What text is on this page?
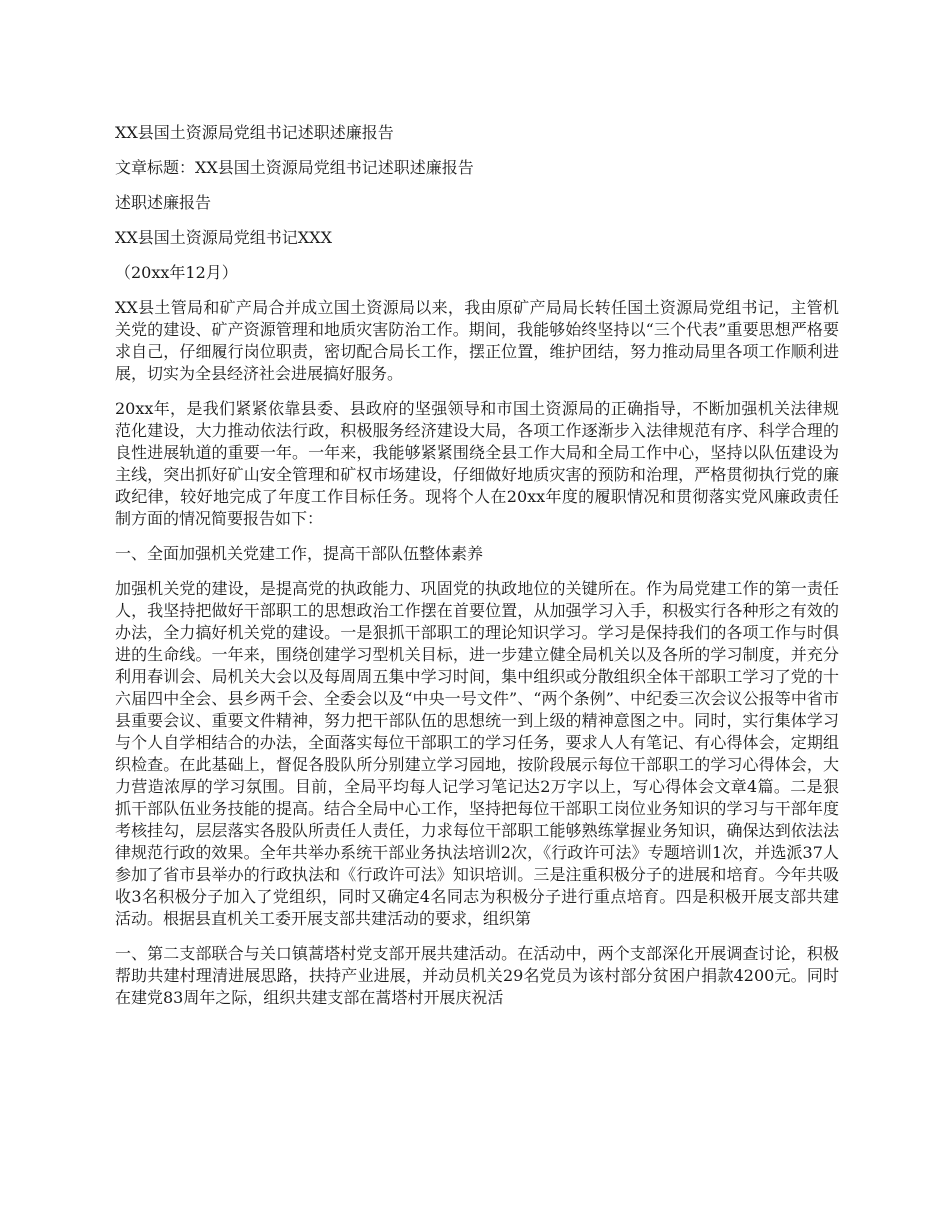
XX县国土资源局党组书记述职述廉报告

文章标题：XX县国土资源局党组书记述职述廉报告

述职述廉报告

XX县国土资源局党组书记XXX

（20xx年12月）

XX县土管局和矿产局合并成立国土资源局以来，我由原矿产局局长转任国土资源局党组书记，主管机关党的建设、矿产资源管理和地质灾害防治工作。期间，我能够始终坚持以“三个代表”重要思想严格要求自己，仔细履行岗位职责，密切配合局长工作，摆正位置，维护团结，努力推动局里各项工作顺利进展，切实为全县经济社会进展搞好服务。

20xx年，是我们紧紧依靠县委、县政府的坚强领导和市国土资源局的正确指导，不断加强机关法律规范化建设，大力推动依法行政，积极服务经济建设大局，各项工作逐渐步入法律规范有序、科学合理的良性进展轨道的重要一年。一年来，我能够紧紧围绕全县工作大局和全局工作中心，坚持以队伍建设为主线，突出抓好矿山安全管理和矿权市场建设，仔细做好地质灾害的预防和治理，严格贯彻执行党的廉政纪律，较好地完成了年度工作目标任务。现将个人在20xx年度的履职情况和贯彻落实党风廉政责任制方面的情况简要报告如下：

一、全面加强机关党建工作，提高干部队伍整体素养

加强机关党的建设，是提高党的执政能力、巩固党的执政地位的关键所在。作为局党建工作的第一责任人，我坚持把做好干部职工的思想政治工作摆在首要位置，从加强学习入手，积极实行各种形之有效的办法，全力搞好机关党的建设。一是狠抓干部职工的理论知识学习。学习是保持我们的各项工作与时俱进的生命线。一年来，围绕创建学习型机关目标，进一步建立健全局机关以及各所的学习制度，并充分利用春训会、局机关大会以及每周周五集中学习时间，集中组织或分散组织全体干部职工学习了党的十六届四中全会、县乡两千会、全委会以及“中央一号文件”、“两个条例”、中纪委三次会议公报等中省市县重要会议、重要文件精神，努力把干部队伍的思想统一到上级的精神意图之中。同时，实行集体学习与个人自学相结合的办法，全面落实每位干部职工的学习任务，要求人人有笔记、有心得体会，定期组织检查。在此基础上，督促各股队所分别建立学习园地，按阶段展示每位干部职工的学习心得体会，大力营造浓厚的学习氛围。目前，全局平均每人记学习笔记达2万字以上，写心得体会文章4篇。二是狠抓干部队伍业务技能的提高。结合全局中心工作，坚持把每位干部职工岗位业务知识的学习与干部年度考核挂勾，层层落实各股队所责任人责任，力求每位干部职工能够熟练掌握业务知识，确保达到依法法律规范行政的效果。全年共举办系统干部业务执法培训2次，《行政许可法》专题培训1次，并选派37人参加了省市县举办的行政执法和《行政许可法》知识培训。三是注重积极分子的进展和培育。今年共吸收3名积极分子加入了党组织，同时又确定4名同志为积极分子进行重点培育。四是积极开展支部共建活动。根据县直机关工委开展支部共建活动的要求，组织第

一、第二支部联合与关口镇蒿塔村党支部开展共建活动。在活动中，两个支部深化开展调查讨论，积极帮助共建村理清进展思路，扶持产业进展，并动员机关29名党员为该村部分贫困户捐款4200元。同时在建党83周年之际，组织共建支部在蒿塔村开展庆祝活
